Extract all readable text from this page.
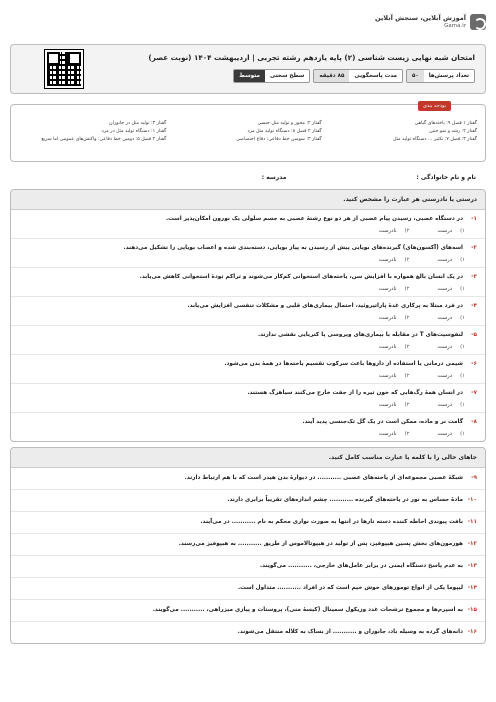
آموزش آنلاین، سنجش آنلاین
Gama.ir
امتحان شبه نهایی زیست شناسی (۲) پایه یازدهم رشته تجربی | اردیبهشت ۱۴۰۴ (نوبت عصر)
تعداد پرسش‌ها
۵۰
مدت پاسخگویی
۸۵ دقیقه
سطح سختی
متوسط
بودجه بندی
گفتار ۱ فصل ۹: یاخته‌های گیاهی
گفتار ۲: محور و تولید مثل جنسی
گفتار ۳: تولید مثل در جانوران
گفتار ۲: رشد و نمو جنین
گفتار ۲ فصل ۸: دستگاه تولید مثل مرد
گفتار ۱: دستگاه تولید مثل در مرد
گفتار ۳: فصل ۷: تکثیر ... دستگاه تولید مثل
گفتار ۳: سومین خط دفاعی: دفاع اختصاصی
گفتار ۲ فصل ۵: دومین خط دفاعی: واکنش‌های عمومی اما سریع
نام و نام خانوادگی :
مدرسه :
درستی یا نادرستی هر عبارت را مشخص کنید.
۱-
در دستگاه عصبی، رسیدن پیام عصبی از هر دو نوع رشتهٔ عصبی به جسم سلولی یک نورون امکان‌پذیر است.
۱)
درست
۲)
نادرست
۲-
اسه‌های (آکسون‌های) گیرنده‌های بویایی پیش از رسیدن به پیاز بویایی، دسته‌بندی شده و اعصاب بویایی را تشکیل می‌دهند.
۱)
درست
۲)
نادرست
۳-
در یک انسان بالغ همواره با افزایش سن، یاخته‌های استخوانی کم‌کار می‌شوند و تراکم تودهٔ استخوانی کاهش می‌یابد.
۱)
درست
۲)
نادرست
۴-
در فرد مبتلا به پرکاری غدهٔ پاراتیروئید، احتمال بیماری‌های قلبی و مشکلات تنفسی افزایش می‌یابد.
۱)
درست
۲)
نادرست
۵-
لنفوسیت‌های T در مقابله با بیماری‌های ویروسی یا کتریایی نقشی ندارند.
۱)
درست
۲)
نادرست
۶-
شیمی درمانی یا استفاده از داروها باعث سرکوب تقسیم یاخته‌ها در همهٔ بدن می‌شود.
۱)
درست
۲)
نادرست
۷-
در انسان همهٔ رگ‌هایی که خون تیره را از جفت خارج می‌کنند سیاهرگ هستند.
۱)
درست
۲)
نادرست
۸-
گامت نر و ماده، ممکن است در یک گل تک‌جنسی پدید آیند.
۱)
درست
۲)
نادرست
جاهای خالی را با کلمه یا عبارت مناسب کامل کنید.
۹-
شبکهٔ عصبی مجموعه‌ای از یاخته‌های عصبی ........... در دیوارهٔ بدن هیدر است که با هم ارتباط دارند.
۱۰-
مادهٔ حساس به نور در یاخته‌های گیرنده ........... چشم اندازه‌های تقریباً برابری دارند.
۱۱-
بافت پیوندی احاطه کننده دسته تارها در انتها به صورت نواری محکم به نام ........... در می‌آیند.
۱۲-
هورمون‌های بخش پسین هیپوفیز، پس از تولید در هیپوتالاموس از طریق ........... به هیپوفیز می‌رسند.
۱۳-
به عدم پاسخ دستگاه ایمنی در برابر عامل‌های خارجی، ........... می‌گویند.
۱۴-
لیپوما یکی از انواع تومورهای خوش خیم است که در افراد ........... متداول است.
۱۵-
به اسپرم‌ها و مجموع ترشحات غدد وزیکول سمینال (کیسهٔ منی)، پروستات و پیازی میزراهی، ........... می‌گویند.
۱۶-
دانه‌های گرده به وسیله باد، جانوران و ........... از بساک به کلاله منتقل می‌شوند.
